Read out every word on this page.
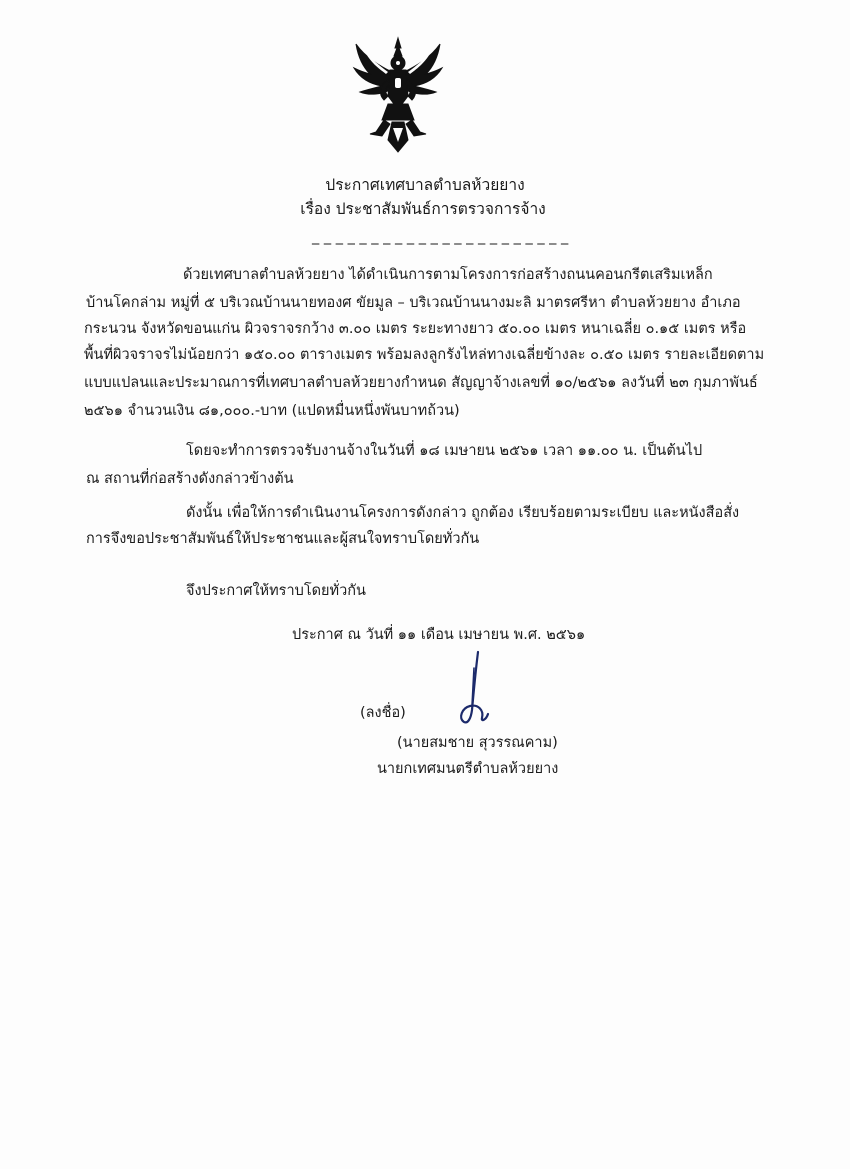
ประกาศเทศบาลตำบลห้วยยาง
เรื่อง ประชาสัมพันธ์การตรวจการจ้าง
_ _ _ _ _ _ _ _ _ _ _ _ _ _ _ _ _ _ _ _ _ _
ด้วยเทศบาลตำบลห้วยยาง ได้ดำเนินการตามโครงการก่อสร้างถนนคอนกรีตเสริมเหล็ก
บ้านโคกล่าม หมู่ที่ ๕ บริเวณบ้านนายทองศ ขัยมูล – บริเวณบ้านนางมะลิ มาตรศรีหา ตำบลห้วยยาง อำเภอ
กระนวน จังหวัดขอนแก่น ผิวจราจรกว้าง ๓.๐๐ เมตร ระยะทางยาว ๕๐.๐๐ เมตร หนาเฉลี่ย ๐.๑๕ เมตร หรือ
พื้นที่ผิวจราจรไม่น้อยกว่า ๑๕๐.๐๐ ตารางเมตร พร้อมลงลูกรังไหล่ทางเฉลี่ยข้างละ ๐.๕๐ เมตร รายละเอียดตาม
แบบแปลนและประมาณการที่เทศบาลตำบลห้วยยางกำหนด สัญญาจ้างเลขที่ ๑๐/๒๕๖๑ ลงวันที่ ๒๓ กุมภาพันธ์
๒๕๖๑ จำนวนเงิน ๘๑,๐๐๐.-บาท (แปดหมื่นหนึ่งพันบาทถ้วน)
โดยจะทำการตรวจรับงานจ้างในวันที่ ๑๘ เมษายน ๒๕๖๑ เวลา ๑๑.๐๐ น. เป็นต้นไป
ณ สถานที่ก่อสร้างดังกล่าวข้างต้น
ดังนั้น เพื่อให้การดำเนินงานโครงการดังกล่าว ถูกต้อง เรียบร้อยตามระเบียบ และหนังสือสั่ง
การจึงขอประชาสัมพันธ์ให้ประชาชนและผู้สนใจทราบโดยทั่วกัน
จึงประกาศให้ทราบโดยทั่วกัน
ประกาศ ณ วันที่ ๑๑ เดือน เมษายน พ.ศ. ๒๕๖๑
(ลงชื่อ)
(นายสมชาย สุวรรณคาม)
นายกเทศมนตรีตำบลห้วยยาง
